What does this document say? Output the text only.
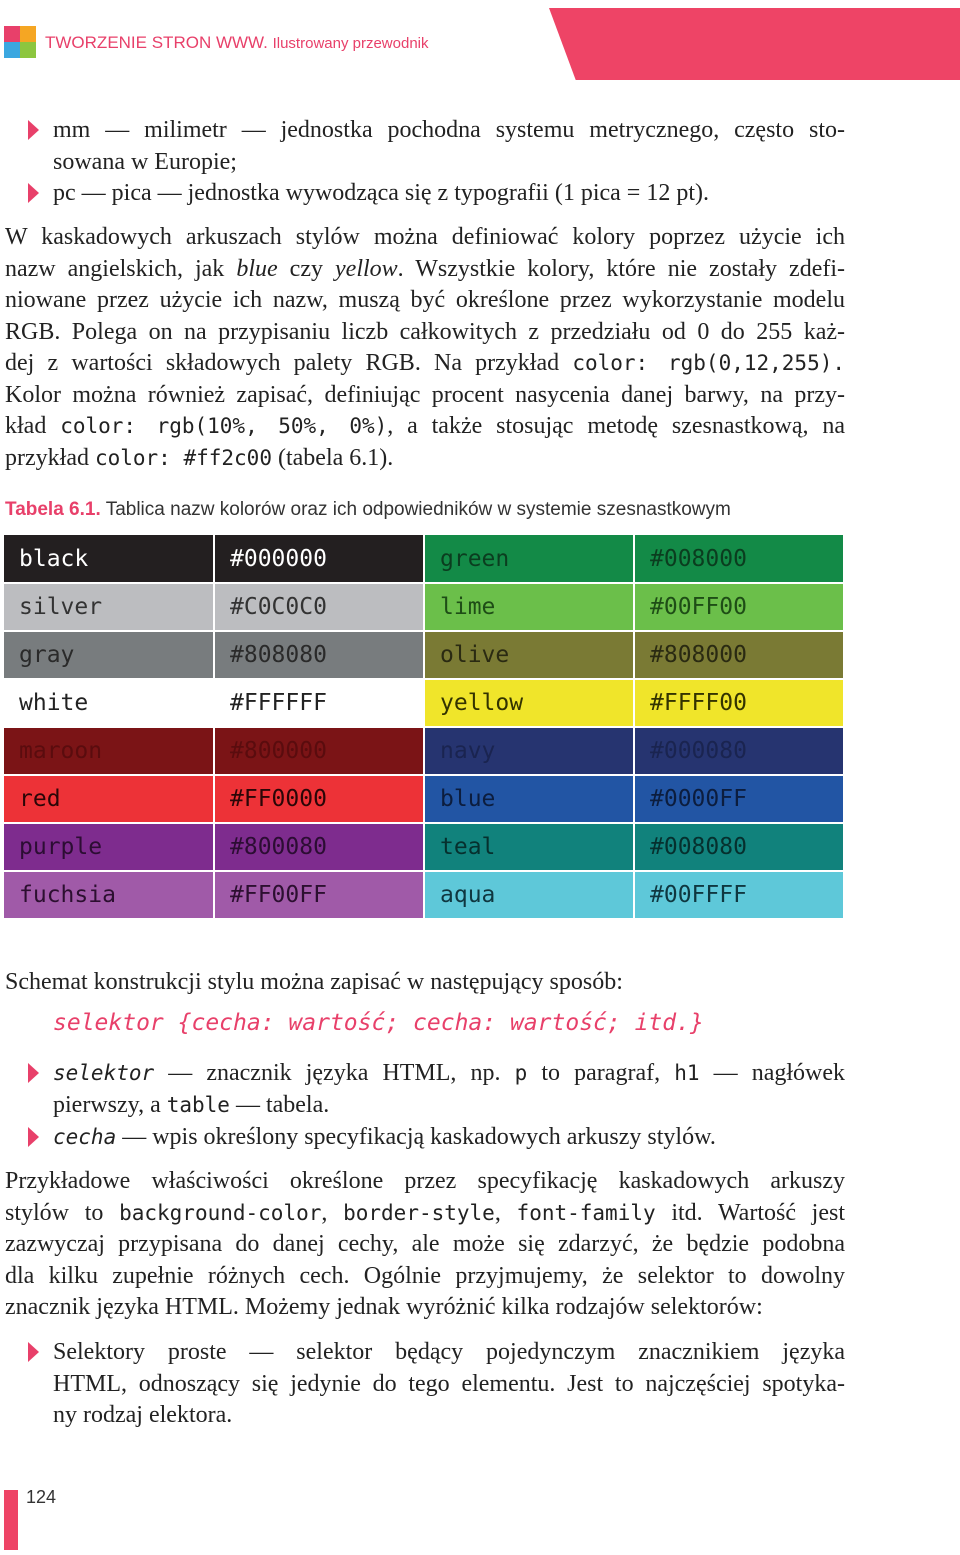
TWORZENIE STRON WWW. Ilustrowany przewodnik
mm — milimetr — jednostka pochodna systemu metrycznego, często sto-
sowana w Europie;
pc — pica — jednostka wywodząca się z typografii (1 pica = 12 pt).
W kaskadowych arkuszach stylów można definiować kolory poprzez użycie ich
nazw angielskich, jak blue czy yellow. Wszystkie kolory, które nie zostały zdefi-
niowane przez użycie ich nazw, muszą być określone przez wykorzystanie modelu
RGB. Polega on na przypisaniu liczb całkowitych z przedziału od 0 do 255 każ-
dej z wartości składowych palety RGB. Na przykład color: rgb(0,12,255).
Kolor można również zapisać, definiując procent nasycenia danej barwy, na przy-
kład color: rgb(10%, 50%, 0%), a także stosując metodę szesnastkową, na
przykład color: #ff2c00 (tabela 6.1).
Tabela 6.1. Tablica nazw kolorów oraz ich odpowiedników w systemie szesnastkowym
black	#000000	green	#008000
silver	#C0C0C0	lime	#00FF00
gray	#808080	olive	#808000
white	#FFFFFF	yellow	#FFFF00
maroon	#800000	navy	#000080
red	#FF0000	blue	#0000FF
purple	#800080	teal	#008080
fuchsia	#FF00FF	aqua	#00FFFF
Schemat konstrukcji stylu można zapisać w następujący sposób:
selektor {cecha: wartość; cecha: wartość; itd.}
selektor — znacznik języka HTML, np. p to paragraf, h1 — nagłówek
pierwszy, a table — tabela.
cecha — wpis określony specyfikacją kaskadowych arkuszy stylów.
Przykładowe właściwości określone przez specyfikację kaskadowych arkuszy
stylów to background-color, border-style, font-family itd. Wartość jest
zazwyczaj przypisana do danej cechy, ale może się zdarzyć, że będzie podobna
dla kilku zupełnie różnych cech. Ogólnie przyjmujemy, że selektor to dowolny
znacznik języka HTML. Możemy jednak wyróżnić kilka rodzajów selektorów:
Selektory proste — selektor będący pojedynczym znacznikiem języka
HTML, odnoszący się jedynie do tego elementu. Jest to najczęściej spotyka-
ny rodzaj elektora.
124
